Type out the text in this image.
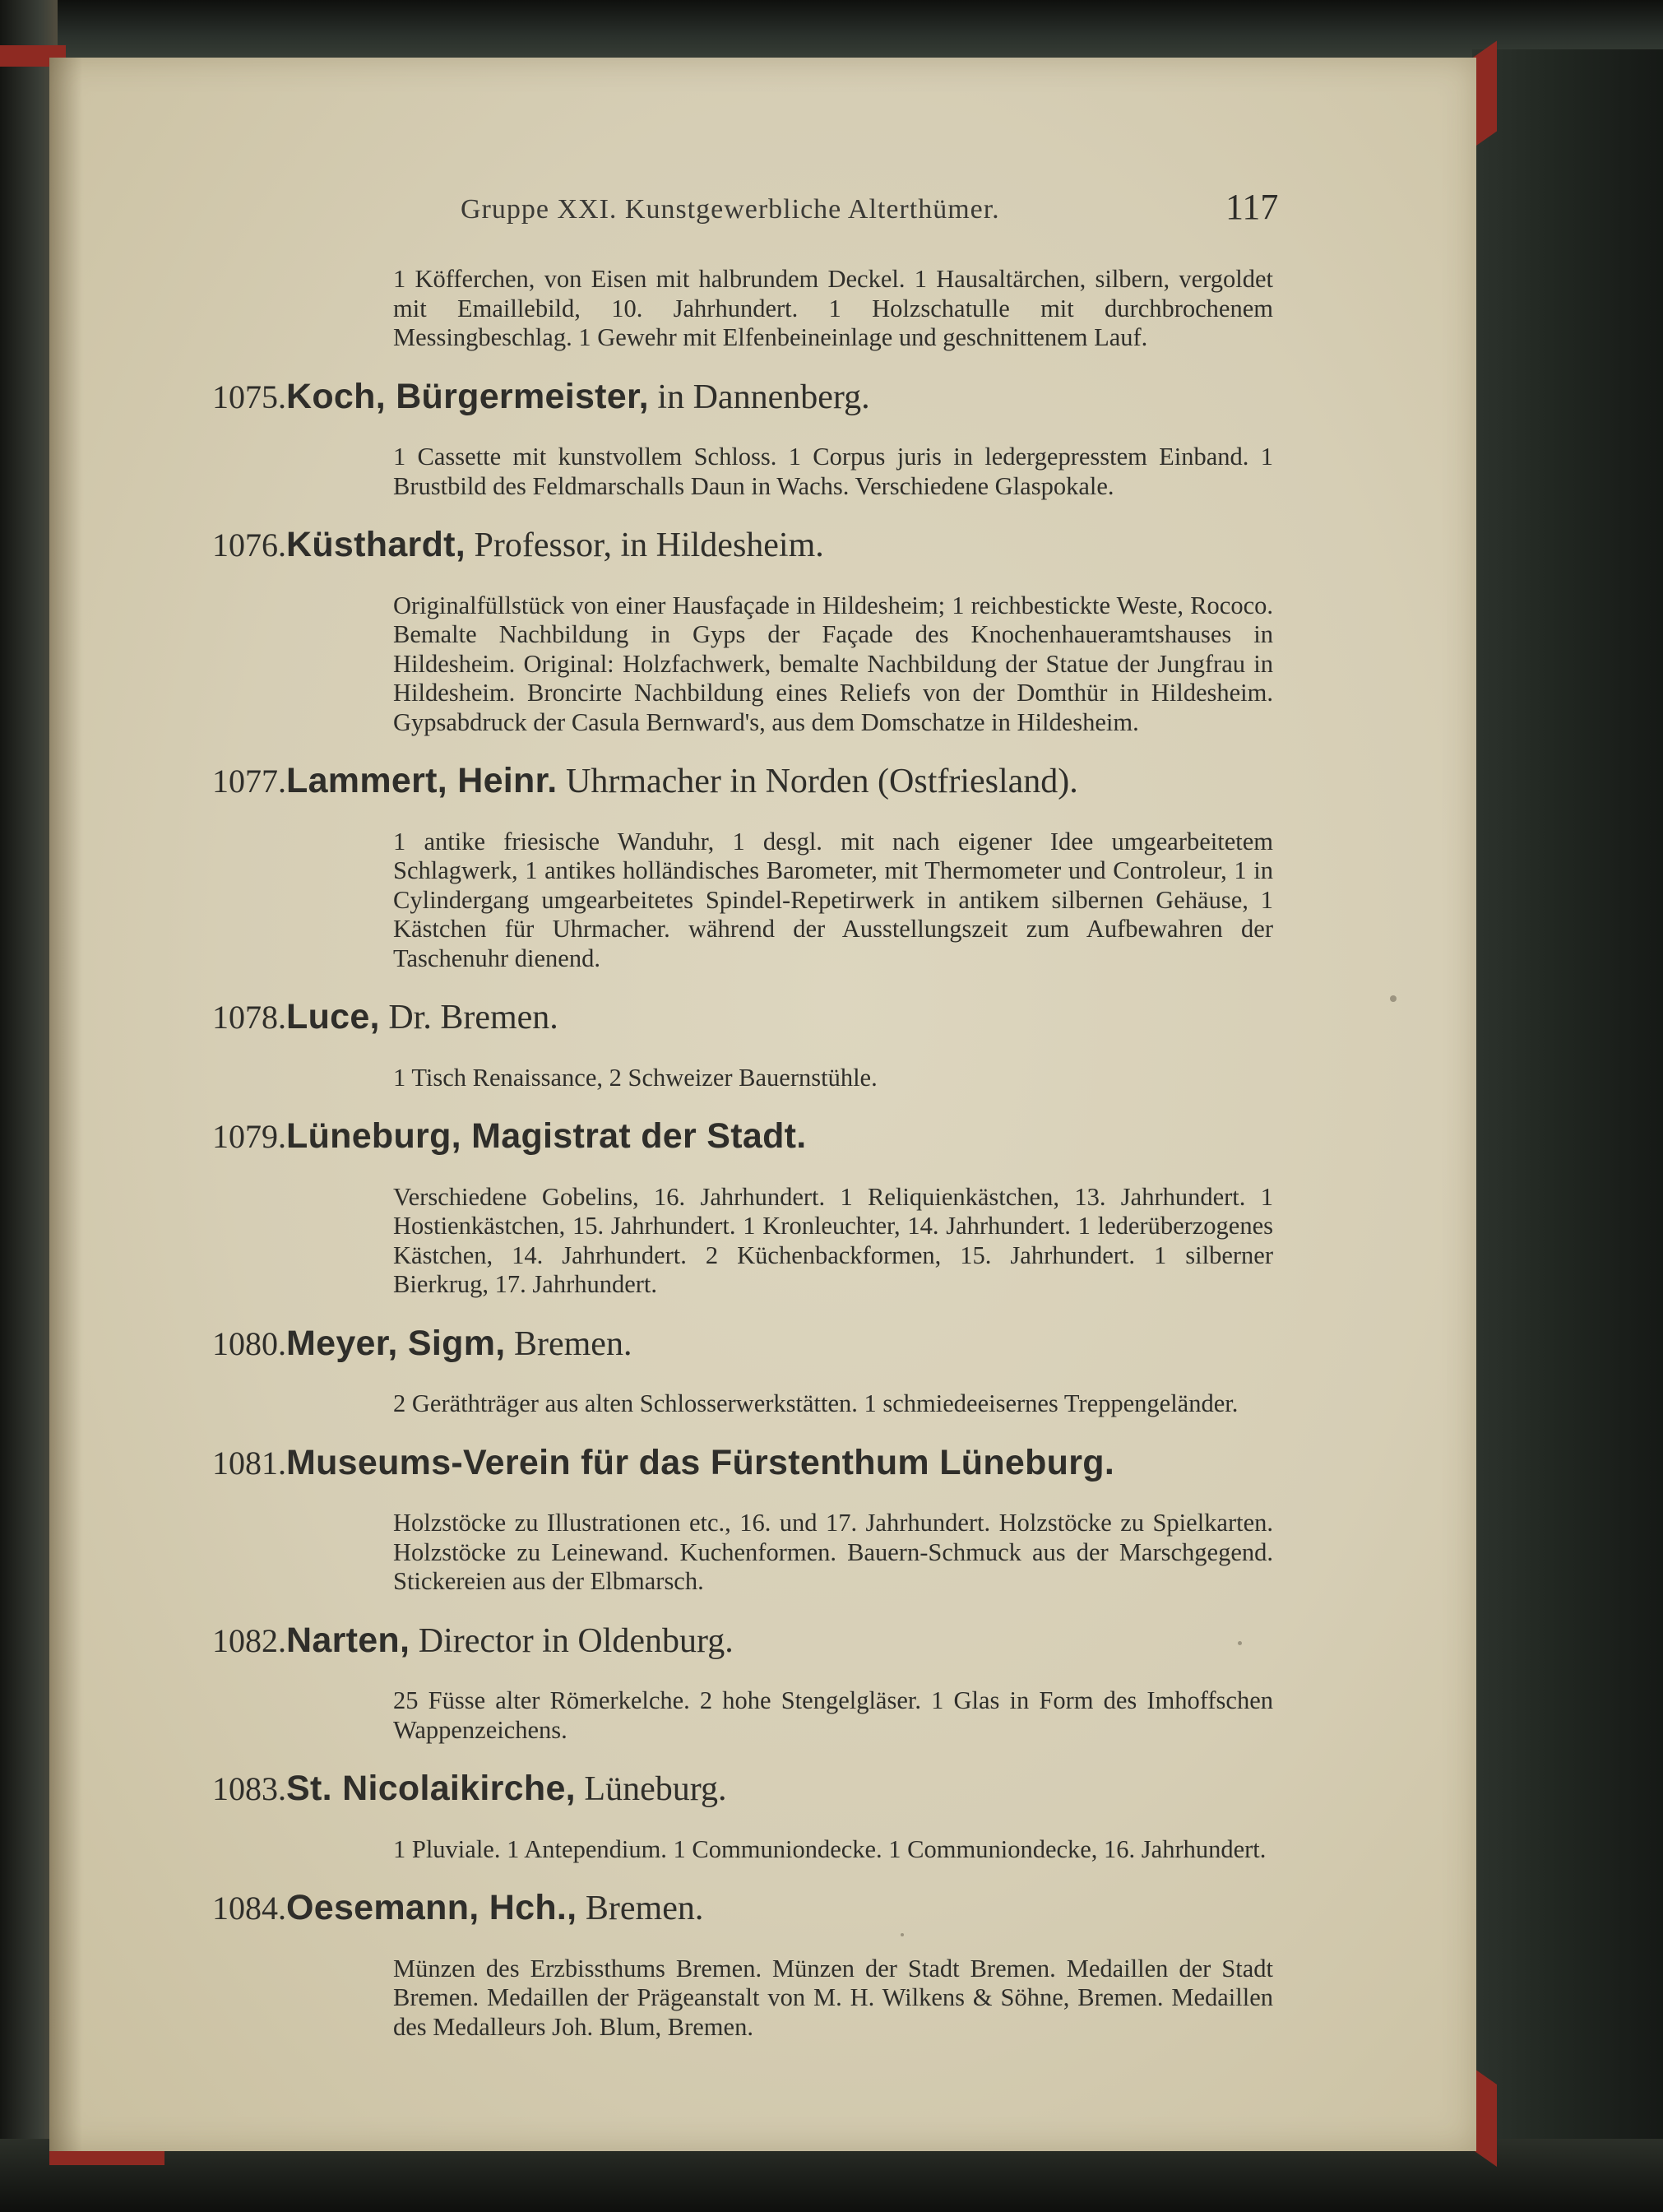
Gruppe XXI. Kunstgewerbliche Alterthümer.	117

1 Köfferchen, von Eisen mit halbrundem Deckel. 1 Hausaltärchen, silbern, vergoldet mit Emaillebild, 10. Jahrhundert. 1 Holzschatulle mit durchbrochenem Messingbeschlag. 1 Gewehr mit Elfenbeineinlage und geschnittenem Lauf.

1075.Koch, Bürgermeister, in Dannenberg.

1 Cassette mit kunstvollem Schloss. 1 Corpus juris in ledergepresstem Einband. 1 Brustbild des Feldmarschalls Daun in Wachs. Verschiedene Glaspokale.

1076.Küsthardt, Professor, in Hildesheim.

Originalfüllstück von einer Hausfaçade in Hildesheim; 1 reichbestickte Weste, Rococo. Bemalte Nachbildung in Gyps der Façade des Knochenhaueramtshauses in Hildesheim. Original: Holzfachwerk, bemalte Nachbildung der Statue der Jungfrau in Hildesheim. Broncirte Nachbildung eines Reliefs von der Domthür in Hildesheim. Gypsabdruck der Casula Bernward's, aus dem Domschatze in Hildesheim.

1077.Lammert, Heinr. Uhrmacher in Norden (Ostfriesland).

1 antike friesische Wanduhr, 1 desgl. mit nach eigener Idee umgearbeitetem Schlagwerk, 1 antikes holländisches Barometer, mit Thermometer und Controleur, 1 in Cylindergang umgearbeitetes Spindel-Repetirwerk in antikem silbernen Gehäuse, 1 Kästchen für Uhrmacher. während der Ausstellungszeit zum Aufbewahren der Taschenuhr dienend.

1078.Luce, Dr. Bremen.

1 Tisch Renaissance, 2 Schweizer Bauernstühle.

1079.Lüneburg, Magistrat der Stadt.

Verschiedene Gobelins, 16. Jahrhundert. 1 Reliquienkästchen, 13. Jahrhundert. 1 Hostienkästchen, 15. Jahrhundert. 1 Kronleuchter, 14. Jahrhundert. 1 lederüberzogenes Kästchen, 14. Jahrhundert. 2 Küchenbackformen, 15. Jahrhundert. 1 silberner Bierkrug, 17. Jahrhundert.

1080.Meyer, Sigm, Bremen.

2 Geräthträger aus alten Schlosserwerkstätten. 1 schmiedeeisernes Treppengeländer.

1081.Museums-Verein für das Fürstenthum Lüneburg.

Holzstöcke zu Illustrationen etc., 16. und 17. Jahrhundert. Holzstöcke zu Spielkarten. Holzstöcke zu Leinewand. Kuchenformen. Bauern-Schmuck aus der Marschgegend. Stickereien aus der Elbmarsch.

1082.Narten, Director in Oldenburg.

25 Füsse alter Römerkelche. 2 hohe Stengelgläser. 1 Glas in Form des Imhoffschen Wappenzeichens.

1083.St. Nicolaikirche, Lüneburg.

1 Pluviale. 1 Antependium. 1 Communiondecke. 1 Communiondecke, 16. Jahrhundert.

1084.Oesemann, Hch., Bremen.

Münzen des Erzbissthums Bremen. Münzen der Stadt Bremen. Medaillen der Stadt Bremen. Medaillen der Prägeanstalt von M. H. Wilkens & Söhne, Bremen. Medaillen des Medalleurs Joh. Blum, Bremen.
